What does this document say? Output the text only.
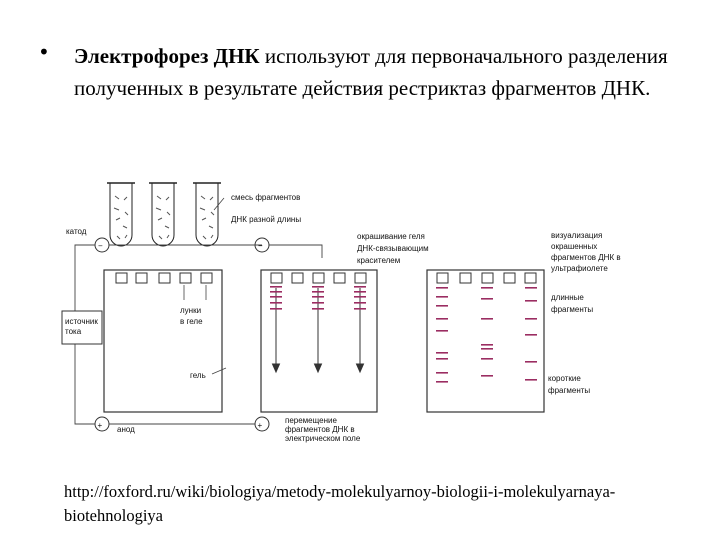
• Электрофорез ДНК используют для первоначального разделения полученных в результате действия рестриктаз фрагментов ДНК.
−
+
−
+
источник
тока
смесь фрагментов
ДНК разной длины
катод
анод
лунки
в геле
гель
окрашивание геля
ДНК-связывающим
красителем
перемещение
фрагментов ДНК в
электрическом поле
визуализация
окрашенных
фрагментов ДНК в
ультрафиолете
длинные
фрагменты
короткие
фрагменты
http://foxford.ru/wiki/biologiya/metody-molekulyarnoy-biologii-i-molekulyarnaya-biotehnologiya
